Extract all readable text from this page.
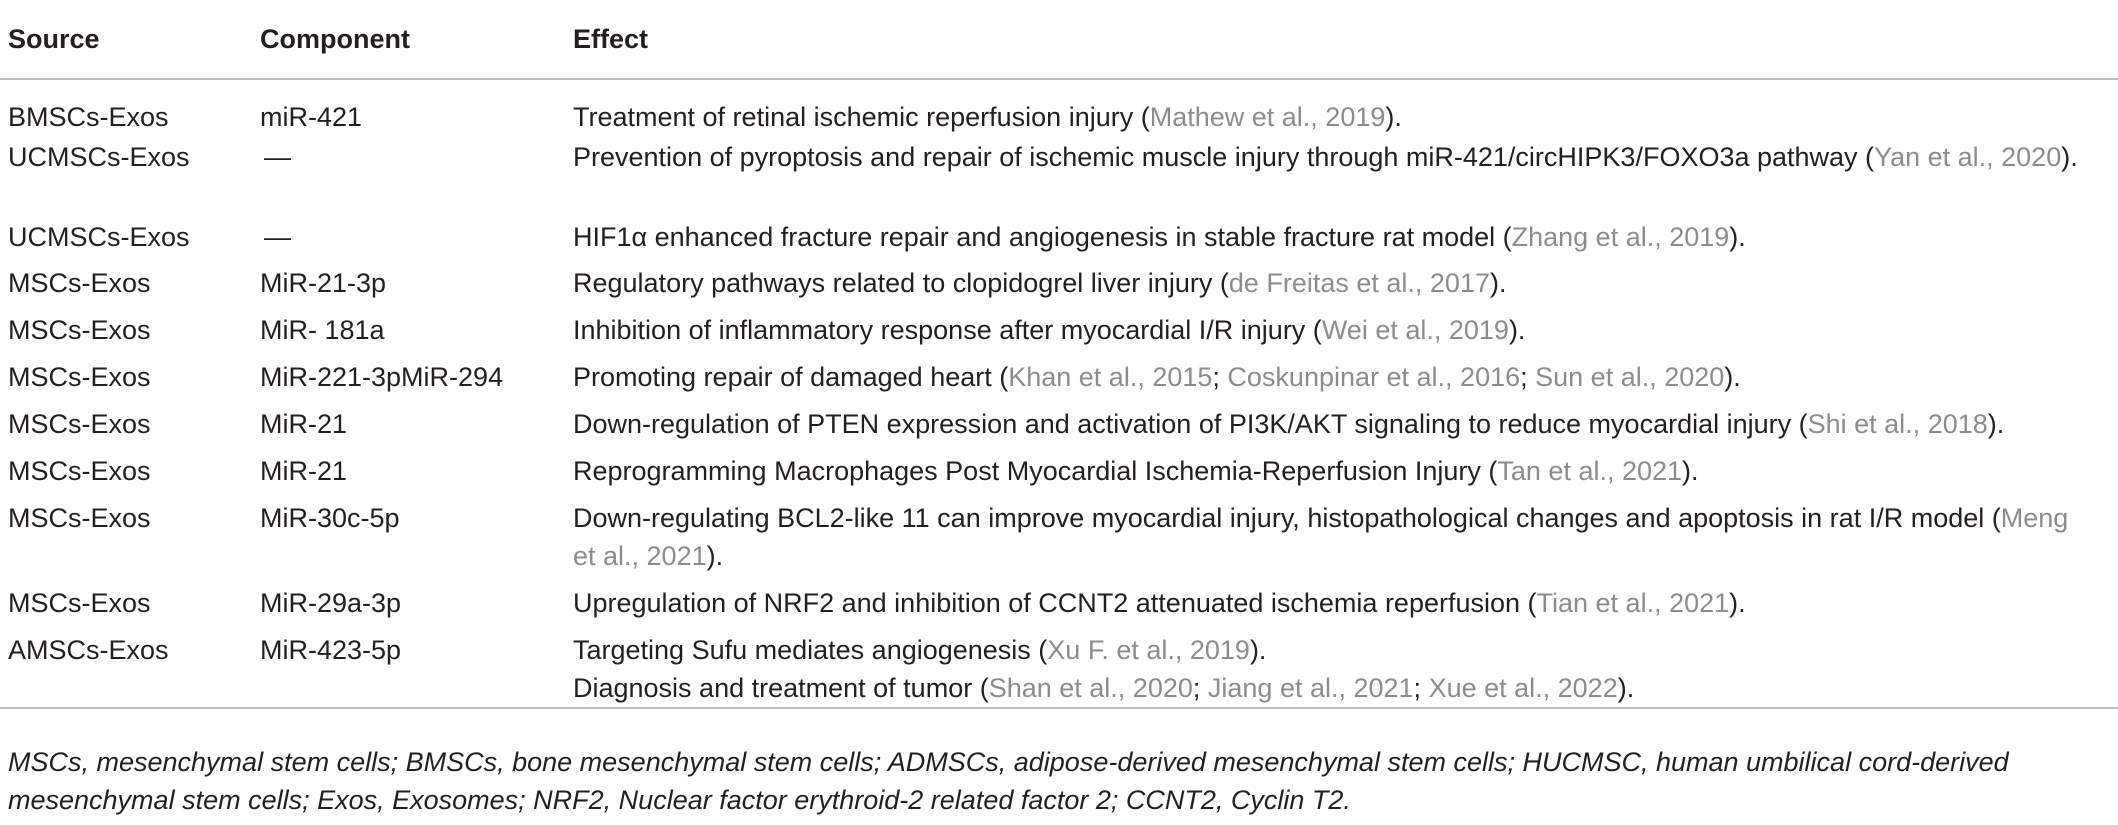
Source	Component	Effect
BMSCs-Exos	miR-421	Treatment of retinal ischemic reperfusion injury (Mathew et al., 2019).

UCMSCs-Exos	—	Prevention of pyroptosis and repair of ischemic muscle injury through miR-421/circHIPK3/FOXO3a pathway (Yan et al., 2020).

UCMSCs-Exos	—	HIF1α enhanced fracture repair and angiogenesis in stable fracture rat model (Zhang et al., 2019).

MSCs-Exos	MiR-21-3p	Regulatory pathways related to clopidogrel liver injury (de Freitas et al., 2017).

MSCs-Exos	MiR- 181a	Inhibition of inflammatory response after myocardial I/R injury (Wei et al., 2019).

MSCs-Exos	MiR-221-3pMiR-294	Promoting repair of damaged heart (Khan et al., 2015; Coskunpinar et al., 2016; Sun et al., 2020).

MSCs-Exos	MiR-21	Down-regulation of PTEN expression and activation of PI3K/AKT signaling to reduce myocardial injury (Shi et al., 2018).

MSCs-Exos	MiR-21	Reprogramming Macrophages Post Myocardial Ischemia-Reperfusion Injury (Tan et al., 2021).

MSCs-Exos	MiR-30c-5p	Down-regulating BCL2-like 11 can improve myocardial injury, histopathological changes and apoptosis in rat I/R model (Meng et al., 2021).

MSCs-Exos	MiR-29a-3p	Upregulation of NRF2 and inhibition of CCNT2 attenuated ischemia reperfusion (Tian et al., 2021).

AMSCs-Exos	MiR-423-5p	Targeting Sufu mediates angiogenesis (Xu F. et al., 2019).
Diagnosis and treatment of tumor (Shan et al., 2020; Jiang et al., 2021; Xue et al., 2022).
MSCs, mesenchymal stem cells; BMSCs, bone mesenchymal stem cells; ADMSCs, adipose-derived mesenchymal stem cells; HUCMSC, human umbilical cord-derived mesenchymal stem cells; Exos, Exosomes; NRF2, Nuclear factor erythroid-2 related factor 2; CCNT2, Cyclin T2.
